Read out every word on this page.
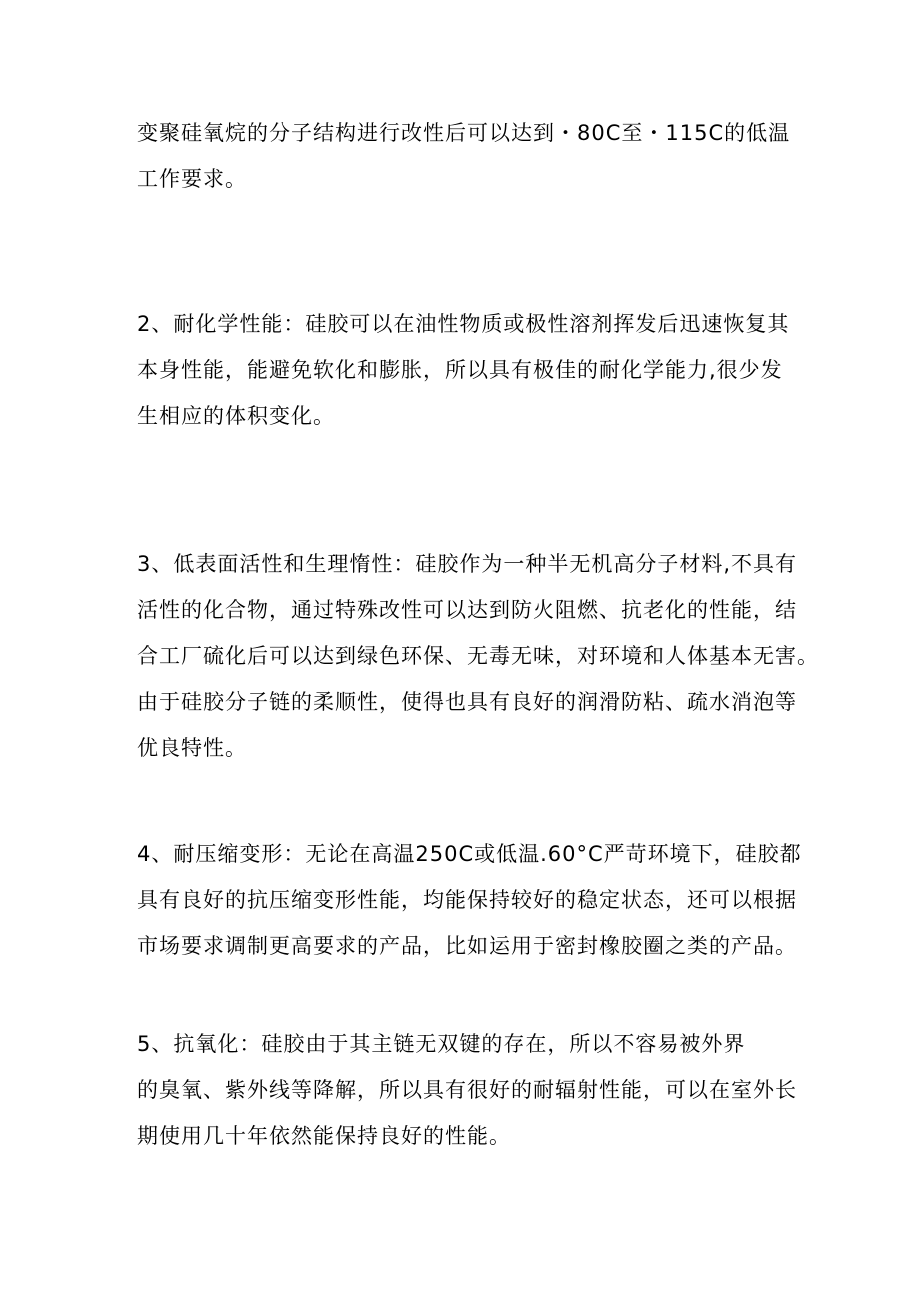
变聚硅氧烷的分子结构进行改性后可以达到・80C至・115C的低温
工作要求。

2、耐化学性能：硅胶可以在油性物质或极性溶剂挥发后迅速恢复其
本身性能，能避免软化和膨胀，所以具有极佳的耐化学能力,很少发
生相应的体积变化。

3、低表面活性和生理惰性：硅胶作为一种半无机高分子材料,不具有
活性的化合物，通过特殊改性可以达到防火阻燃、抗老化的性能，结
合工厂硫化后可以达到绿色环保、无毒无味，对环境和人体基本无害。
由于硅胶分子链的柔顺性，使得也具有良好的润滑防粘、疏水消泡等
优良特性。

4、耐压缩变形：无论在高温250C或低温.60°C严苛环境下，硅胶都
具有良好的抗压缩变形性能，均能保持较好的稳定状态，还可以根据
市场要求调制更高要求的产品，比如运用于密封橡胶圈之类的产品。

5、抗氧化：硅胶由于其主链无双键的存在，所以不容易被外界
的臭氧、紫外线等降解，所以具有很好的耐辐射性能，可以在室外长
期使用几十年依然能保持良好的性能。
